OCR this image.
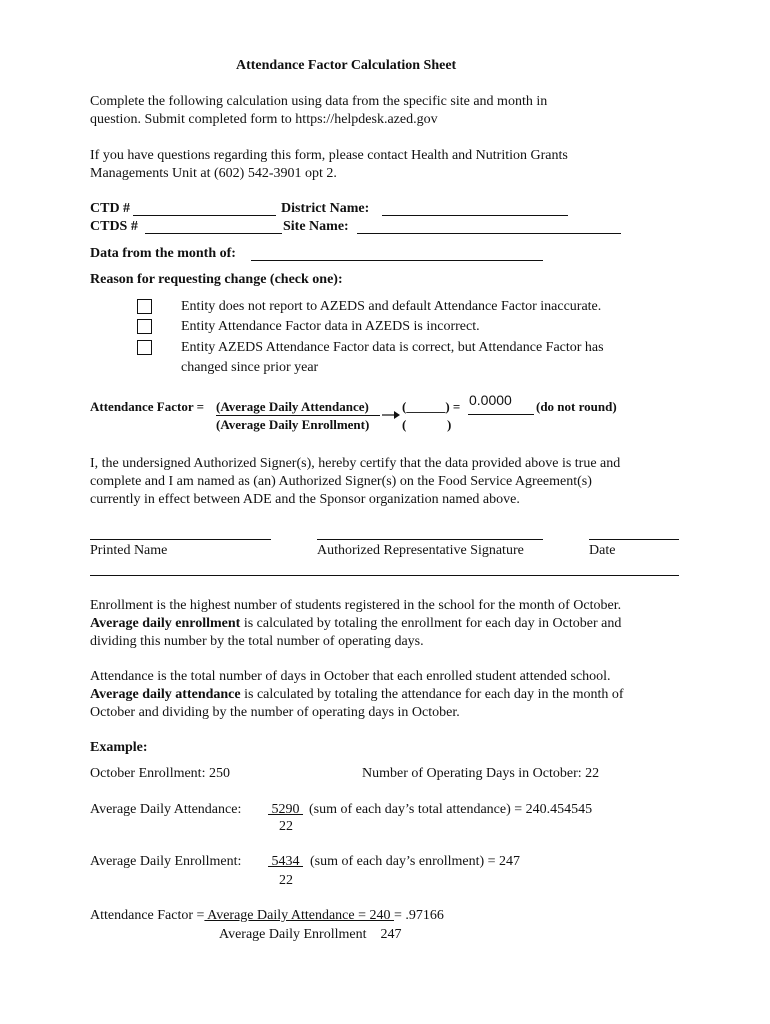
Attendance Factor Calculation Sheet
Complete the following calculation using data from the specific site and month in
question. Submit completed form to https://helpdesk.azed.gov
If you have questions regarding this form, please contact Health and Nutrition Grants
Managements Unit at (602) 542-3901 opt 2.
CTD #	District Name:
CTDS #	Site Name:
Data from the month of:
Reason for requesting change (check one):
Entity does not report to AZEDS and default Attendance Factor inaccurate.
Entity Attendance Factor data in AZEDS is incorrect.
Entity AZEDS Attendance Factor data is correct, but Attendance Factor has
changed since prior year
Attendance Factor = (Average Daily Attendance)
(Average Daily Enrollment)
(______) = 0.0000 (do not round)
(	)
I, the undersigned Authorized Signer(s), hereby certify that the data provided above is true and
complete and I am named as (an) Authorized Signer(s) on the Food Service Agreement(s)
currently in effect between ADE and the Sponsor organization named above.
Printed Name	Authorized Representative Signature	Date
Enrollment is the highest number of students registered in the school for the month of October.
Average daily enrollment is calculated by totaling the enrollment for each day in October and
dividing this number by the total number of operating days.
Attendance is the total number of days in October that each enrolled student attended school.
Average daily attendance is calculated by totaling the attendance for each day in the month of
October and dividing by the number of operating days in October.
Example:
October Enrollment: 250	Number of Operating Days in October: 22
Average Daily Attendance: 5290 (sum of each day’s total attendance) = 240.454545
22
Average Daily Enrollment: 5434 (sum of each day’s enrollment) = 247
22
Attendance Factor = Average Daily Attendance = 240 = .97166
Average Daily Enrollment    247
